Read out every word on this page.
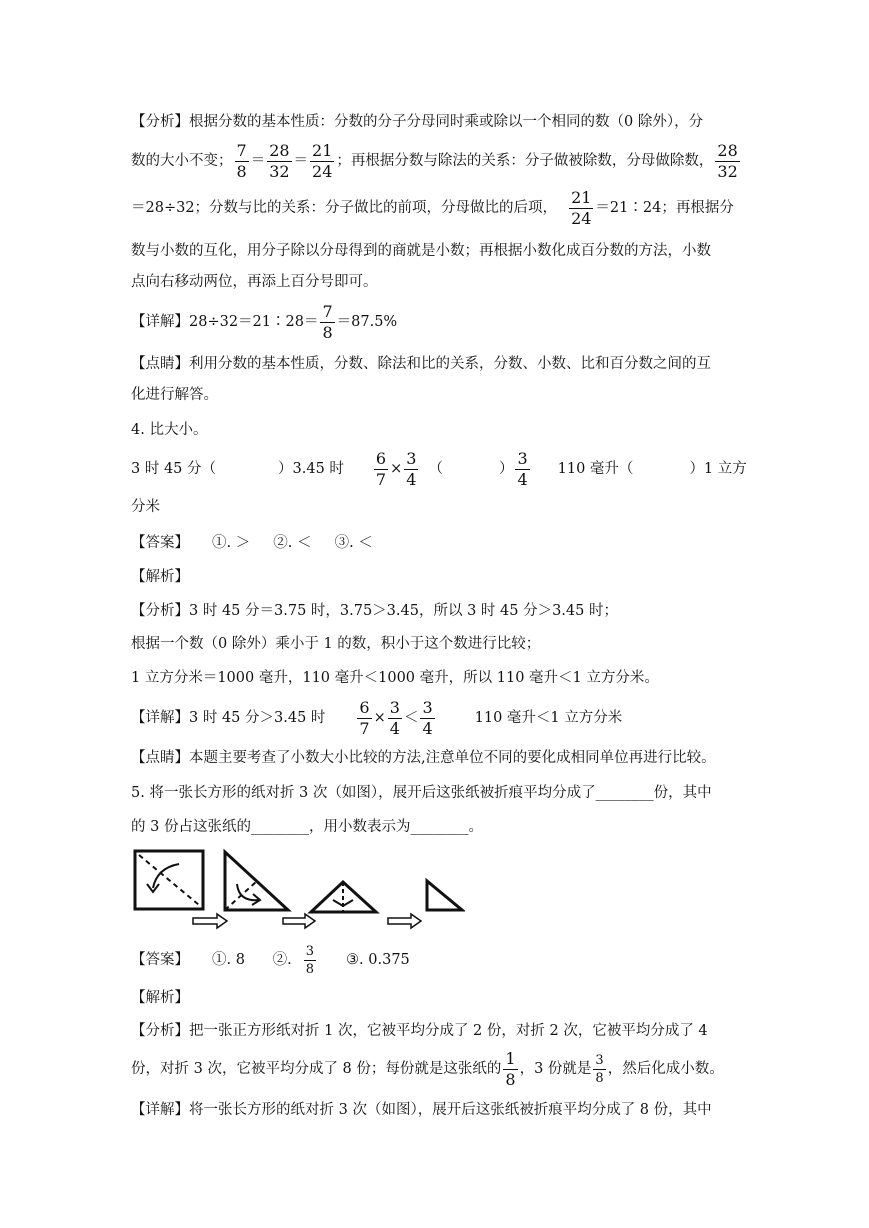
【分析】根据分数的基本性质：分数的分子分母同时乘或除以一个相同的数（0 除外），分
数的大小不变； $\frac{7}{8} = \frac{28}{32} = \frac{21}{24}$ ；再根据分数与除法的关系：分子做被除数，分母做除数， $\frac{28}{32}$
＝28÷32；分数与比的关系：分子做比的前项，分母做比的后项， $\frac{21}{24}$ ＝21∶24；再根据分
数与小数的互化，用分子除以分母得到的商就是小数；再根据小数化成百分数的方法，小数
点向右移动两位，再添上百分号即可。
【详解】28÷32＝21∶28＝ $\frac{7}{8} =87.5\%$
【点睛】利用分数的基本性质，分数、除法和比的关系，分数、小数、比和百分数之间的互
化进行解答。
4. 比大小。
3 时 45 分（	）3.45 时 $\frac{6}{7} \times \frac{3}{4}$ （	） $\frac{3}{4} 110$ 毫升（	）1 立方
分米
【答案】     ①. ＞     ②. ＜     ③. ＜
【解析】
【分析】3 时 45 分＝3.75 时，3.75＞3.45，所以 3 时 45 分＞3.45 时；
根据一个数（0 除外）乘小于 1 的数，积小于这个数进行比较；
1 立方分米＝1000 毫升，110 毫升＜1000 毫升，所以 110 毫升＜1 立方分米。
【详解】3 时 45 分＞3.45 时 $\frac{6}{7} \times \frac{3}{4} < \frac{3}{4}$	110 毫升＜1 立方分米
【点睛】本题主要考查了小数大小比较的方法,注意单位不同的要化成相同单位再进行比较。
5. 将一张长方形的纸对折 3 次（如图），展开后这张纸被折痕平均分成了________份，其中
的 3 份占这张纸的________，用小数表示为________。
【答案】     ①. 8      ②. $\frac{3}{8}$ ③. 0.375
【解析】
【分析】把一张正方形纸对折 1 次，它被平均分成了 2 份，对折 2 次，它被平均分成了 4
份，对折 3 次，它被平均分成了 8 份；每份就是这张纸的 $\frac{1}{8}$ ，3 份就是 $\frac{3}{8}$ ，然后化成小数。
【详解】将一张长方形的纸对折 3 次（如图），展开后这张纸被折痕平均分成了 8 份，其中
